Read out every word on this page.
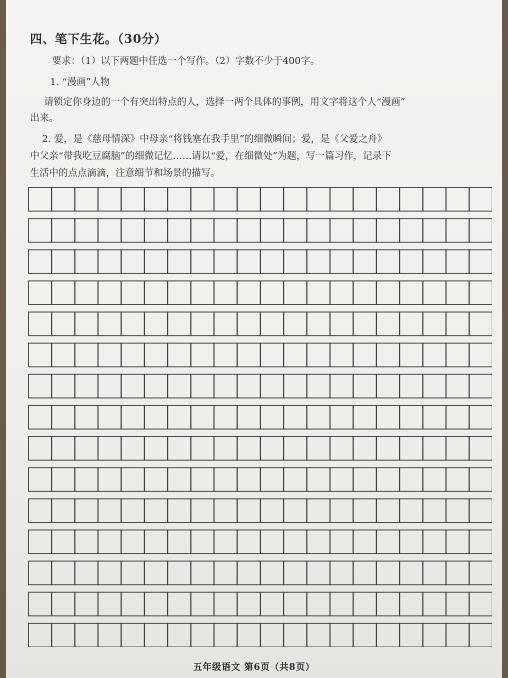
四、笔下生花。（30分）
要求：（1）以下两题中任选一个写作。（2）字数不少于400字。
1. “漫画”人物
请锁定你身边的一个有突出特点的人，选择一两个具体的事例，用文字将这个人“漫画”
出来。
2. 爱，是《慈母情深》中母亲“将钱塞在我手里”的细微瞬间；爱，是《父爱之舟》
中父亲“带我吃豆腐脑”的细微记忆……请以“爱，在细微处”为题，写一篇习作，记录下
生活中的点点滴滴，注意细节和场景的描写。
五年级语文 第6页（共8页）
